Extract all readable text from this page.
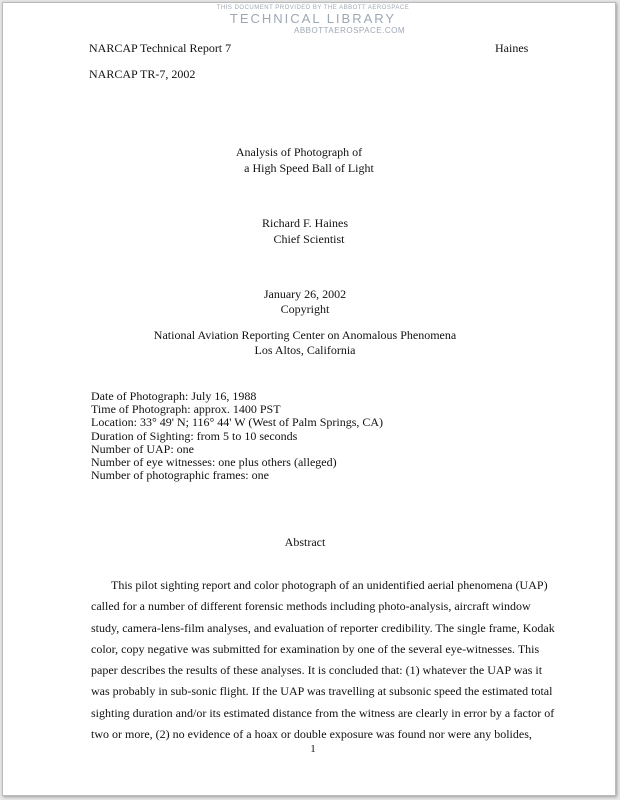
THIS DOCUMENT PROVIDED BY THE ABBOTT AEROSPACE
TECHNICAL LIBRARY
ABBOTTAEROSPACE.COM
NARCAP Technical Report 7	Haines
NARCAP TR-7, 2002
Analysis of Photograph of
a High Speed Ball of Light
Richard F. Haines
Chief Scientist
January 26, 2002
Copyright
National Aviation Reporting Center on Anomalous Phenomena
Los Altos, California
Date of Photograph: July 16, 1988
Time of Photograph: approx. 1400 PST
Location: 33° 49' N; 116° 44' W (West of Palm Springs, CA)
Duration of Sighting: from 5 to 10 seconds
Number of UAP: one
Number of eye witnesses: one plus others (alleged)
Number of photographic frames: one
Abstract
This pilot sighting report and color photograph of an unidentified aerial phenomena (UAP)
called for a number of different forensic methods including photo-analysis, aircraft window
study, camera-lens-film analyses, and evaluation of reporter credibility. The single frame, Kodak
color, copy negative was submitted for examination by one of the several eye-witnesses. This
paper describes the results of these analyses. It is concluded that: (1) whatever the UAP was it
was probably in sub-sonic flight. If the UAP was travelling at subsonic speed the estimated total
sighting duration and/or its estimated distance from the witness are clearly in error by a factor of
two or more, (2) no evidence of a hoax or double exposure was found nor were any bolides,
1
